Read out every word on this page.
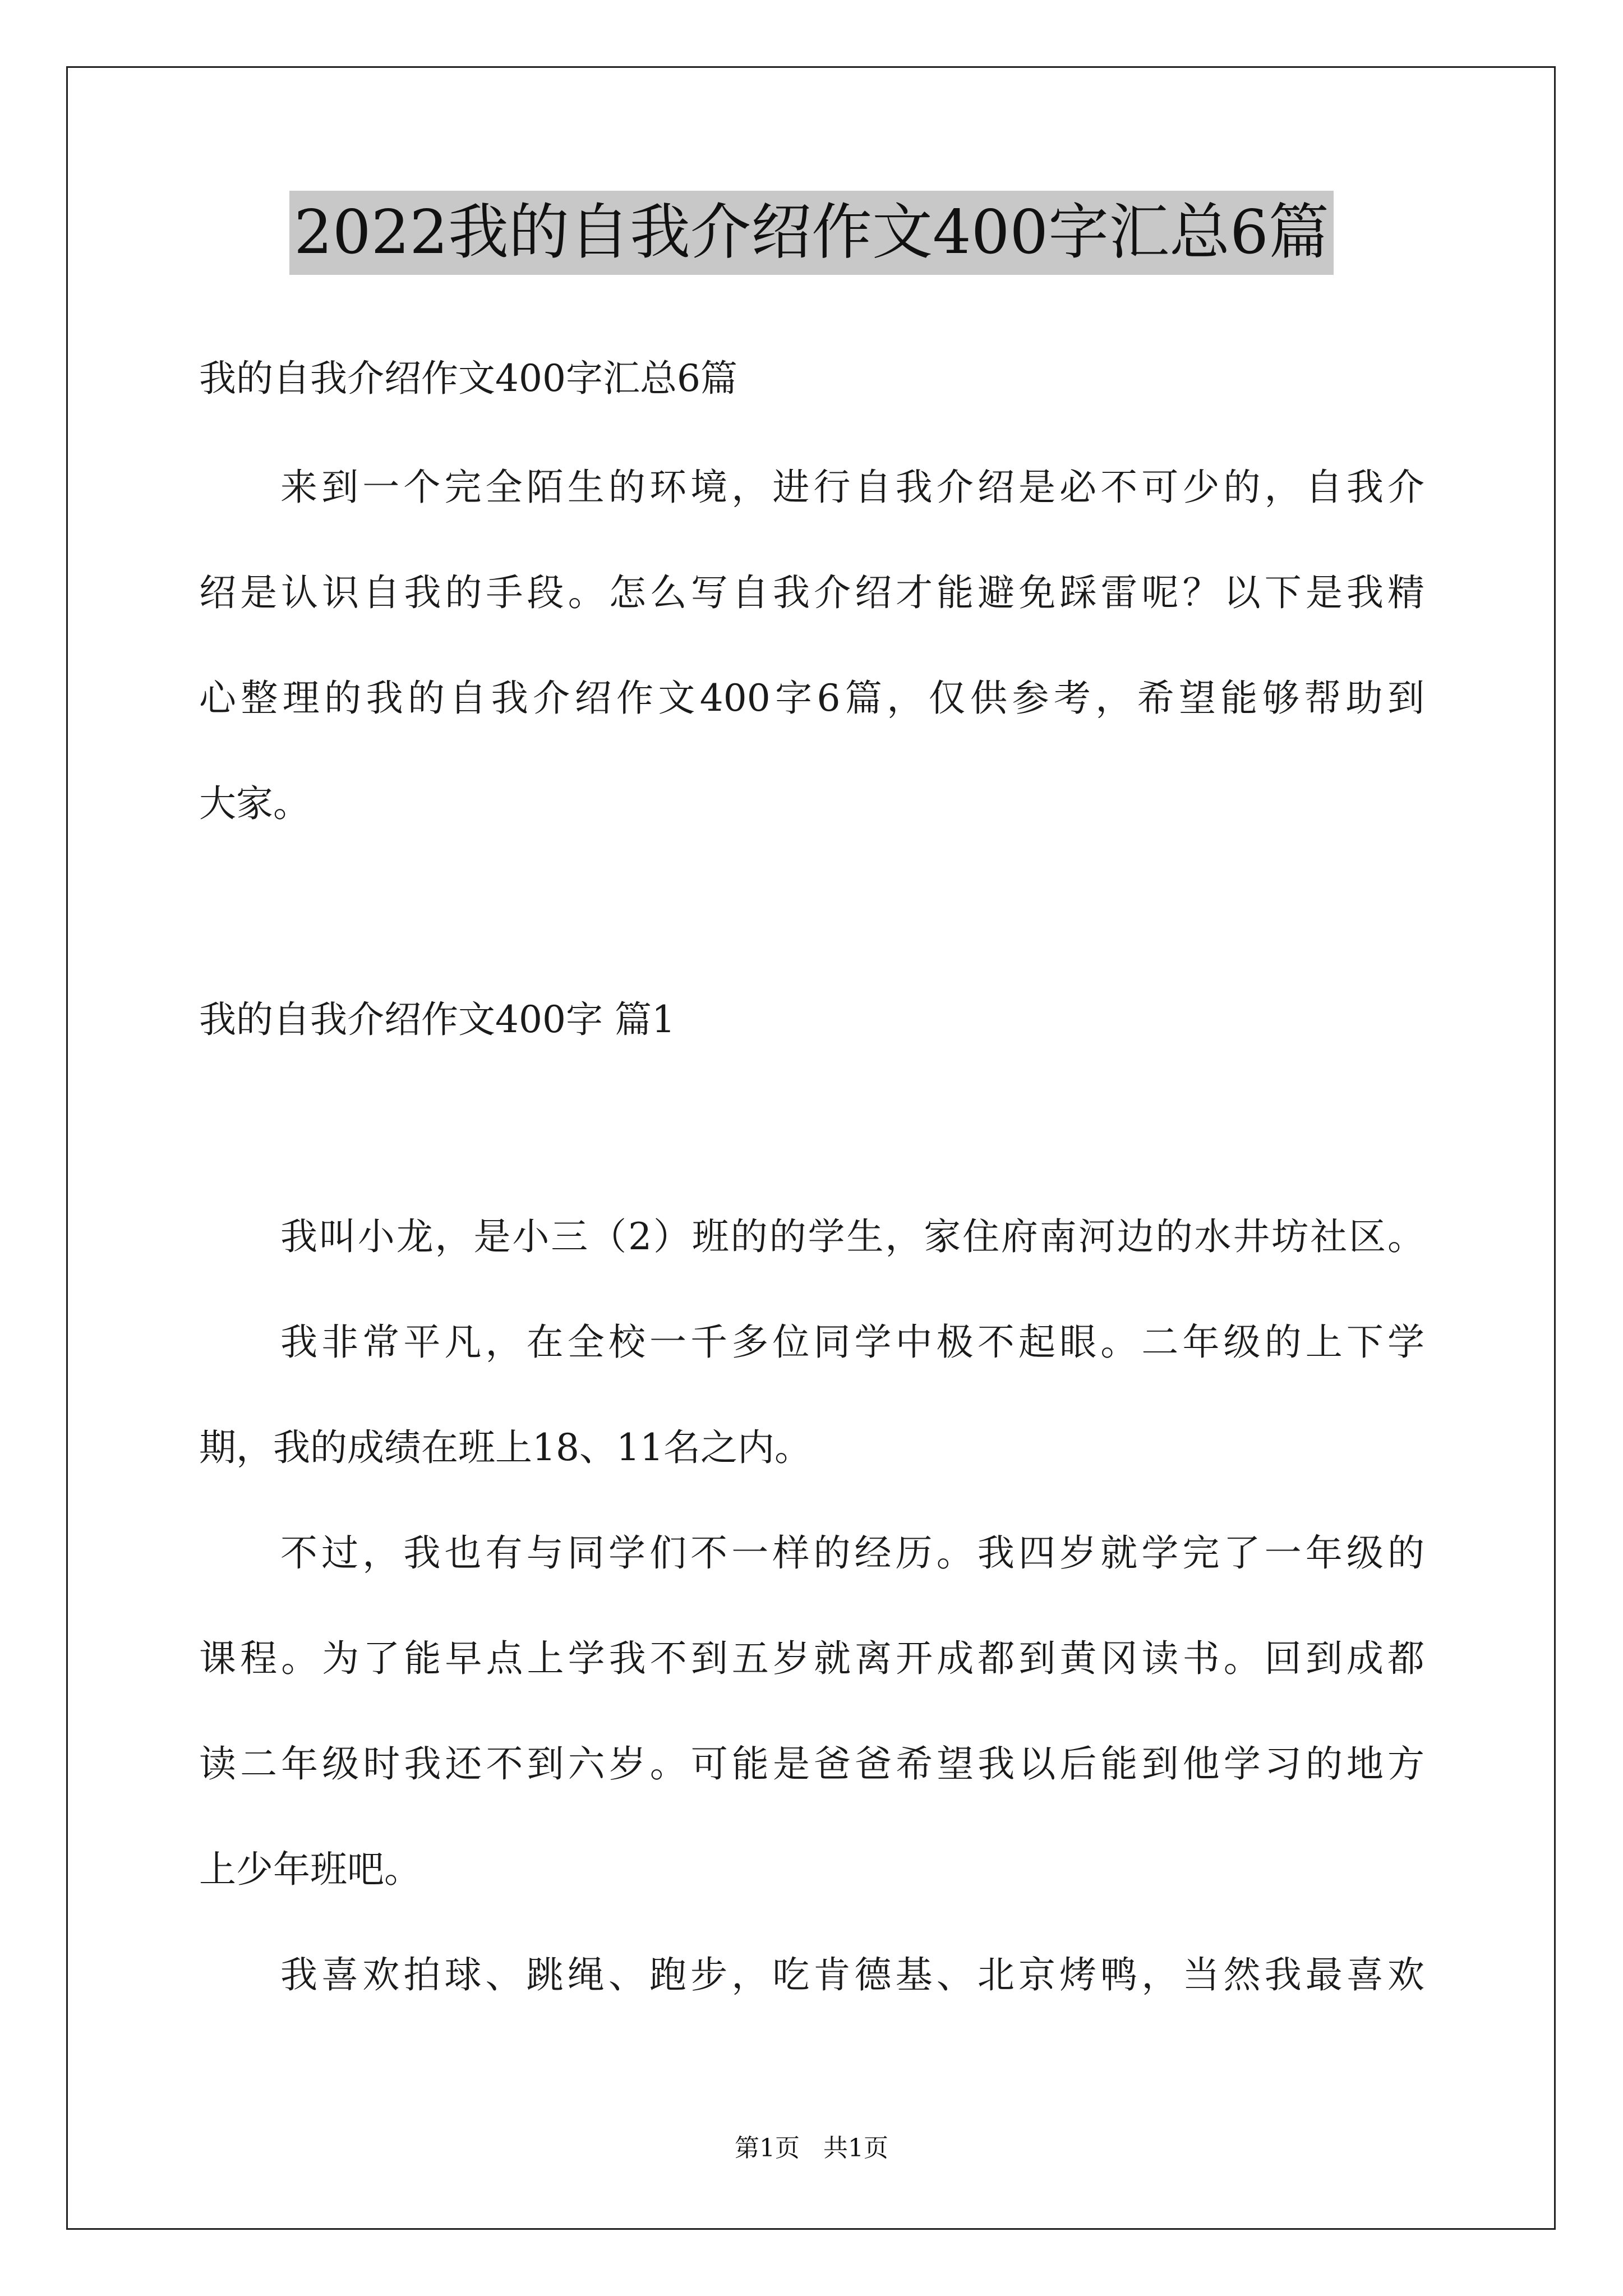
2022我的自我介绍作文400字汇总6篇
我的自我介绍作文400字汇总6篇
来到一个完全陌生的环境，进行自我介绍是必不可少的，自我介
绍是认识自我的手段。怎么写自我介绍才能避免踩雷呢？以下是我精
心整理的我的自我介绍作文400字6篇，仅供参考，希望能够帮助到
大家。
我的自我介绍作文400字 篇1
我叫小龙，是小三（2）班的的学生，家住府南河边的水井坊社区。
我非常平凡，在全校一千多位同学中极不起眼。二年级的上下学
期，我的成绩在班上18、11名之内。
不过，我也有与同学们不一样的经历。我四岁就学完了一年级的
课程。为了能早点上学我不到五岁就离开成都到黄冈读书。回到成都
读二年级时我还不到六岁。可能是爸爸希望我以后能到他学习的地方
上少年班吧。
我喜欢拍球、跳绳、跑步，吃肯德基、北京烤鸭，当然我最喜欢
第1页   共1页
